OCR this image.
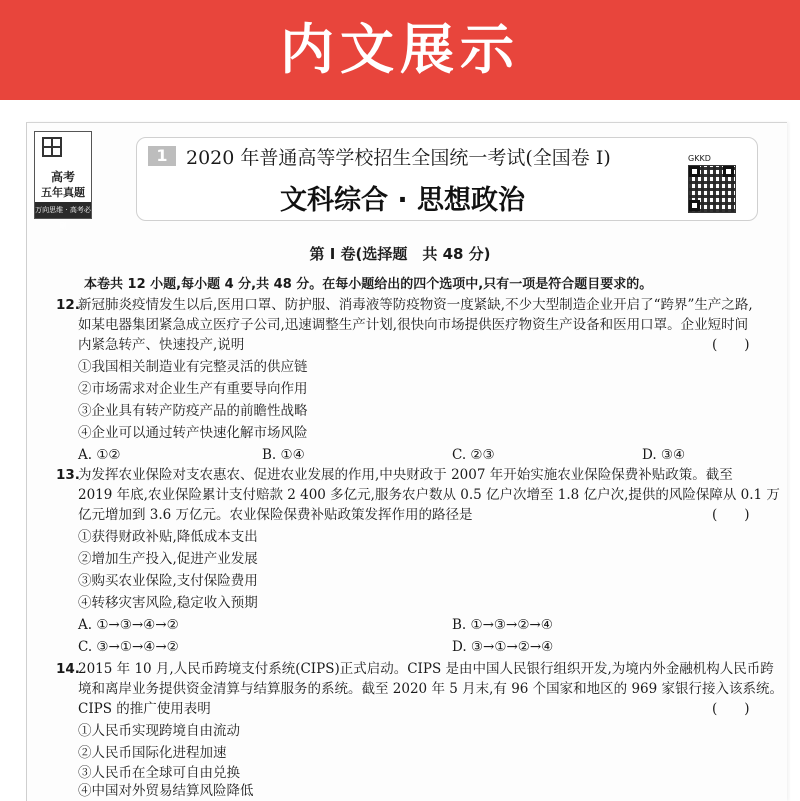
内文展示
高考
五年真题
万向思维 · 高考必刷
1 2020 年普通高等学校招生全国统一考试(全国卷 Ⅰ)
文科综合 · 思想政治
GKKD
第 Ⅰ 卷(选择题　共 48 分)
本卷共 12 小题,每小题 4 分,共 48 分。在每小题给出的四个选项中,只有一项是符合题目要求的。
12.
新冠肺炎疫情发生以后,医用口罩、防护服、消毒液等防疫物资一度紧缺,不少大型制造企业开启了“跨界”生产之路,
如某电器集团紧急成立医疗子公司,迅速调整生产计划,很快向市场提供医疗物资生产设备和医用口罩。企业短时间
内紧急转产、快速投产,说明	(　　)
①我国相关制造业有完整灵活的供应链
②市场需求对企业生产有重要导向作用
③企业具有转产防疫产品的前瞻性战略
④企业可以通过转产快速化解市场风险
A. ①②	B. ①④	C. ②③	D. ③④
13.
为发挥农业保险对支农惠农、促进农业发展的作用,中央财政于 2007 年开始实施农业保险保费补贴政策。截至
2019 年底,农业保险累计支付赔款 2 400 多亿元,服务农户数从 0.5 亿户次增至 1.8 亿户次,提供的风险保障从 0.1 万
亿元增加到 3.6 万亿元。农业保险保费补贴政策发挥作用的路径是	(　　)
①获得财政补贴,降低成本支出
②增加生产投入,促进产业发展
③购买农业保险,支付保险费用
④转移灾害风险,稳定收入预期
A. ①→③→④→②	B. ①→③→②→④
C. ③→①→④→②	D. ③→①→②→④
14.
2015 年 10 月,人民币跨境支付系统(CIPS)正式启动。CIPS 是由中国人民银行组织开发,为境内外金融机构人民币跨
境和离岸业务提供资金清算与结算服务的系统。截至 2020 年 5 月末,有 96 个国家和地区的 969 家银行接入该系统。
CIPS 的推广使用表明	(　　)
①人民币实现跨境自由流动
②人民币国际化进程加速
③人民币在全球可自由兑换
④中国对外贸易结算风险降低
